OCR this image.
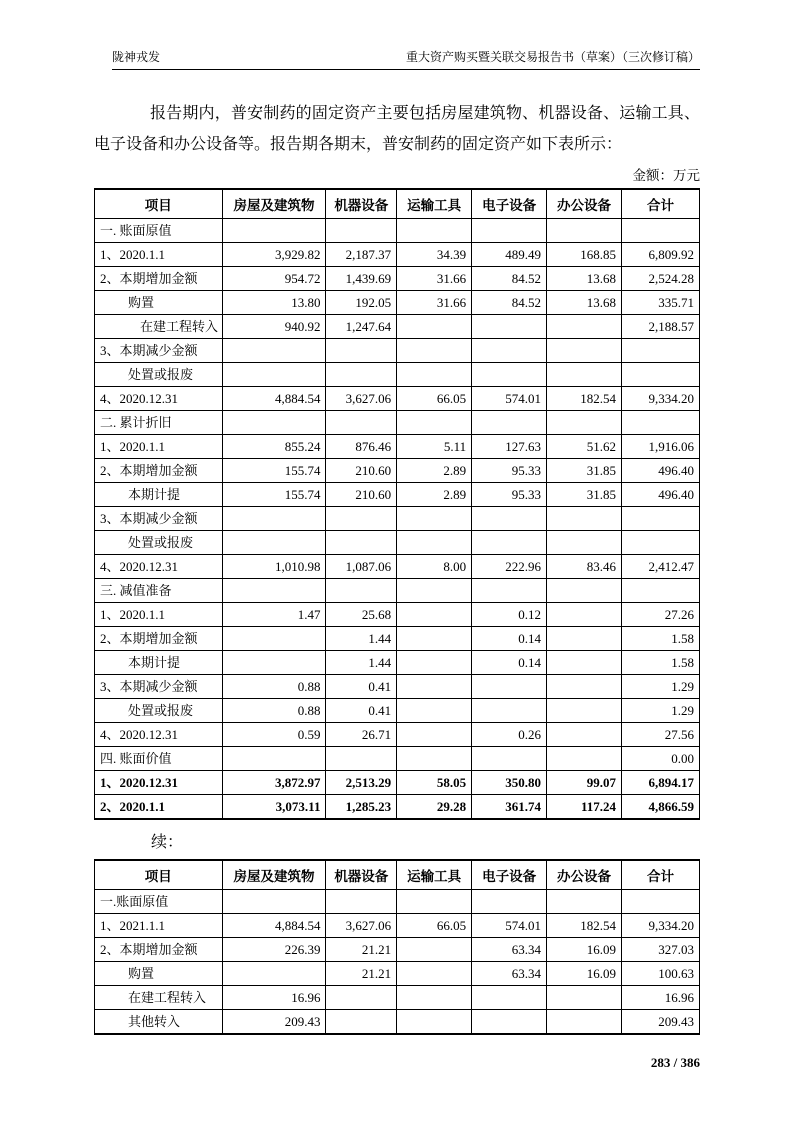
陇神戎发	重大资产购买暨关联交易报告书（草案）（三次修订稿）

报告期内，普安制药的固定资产主要包括房屋建筑物、机器设备、运输工具、电子设备和办公设备等。报告期各期末，普安制药的固定资产如下表所示：

金额：万元
项目	房屋及建筑物	机器设备	运输工具	电子设备	办公设备	合计
一. 账面原值						
1、2020.1.1	3,929.82	2,187.37	34.39	489.49	168.85	6,809.92
2、本期增加金额	954.72	1,439.69	31.66	84.52	13.68	2,524.28
购置	13.80	192.05	31.66	84.52	13.68	335.71
在建工程转入	940.92	1,247.64				2,188.57
3、本期减少金额						
处置或报废						
4、2020.12.31	4,884.54	3,627.06	66.05	574.01	182.54	9,334.20
二. 累计折旧						
1、2020.1.1	855.24	876.46	5.11	127.63	51.62	1,916.06
2、本期增加金额	155.74	210.60	2.89	95.33	31.85	496.40
本期计提	155.74	210.60	2.89	95.33	31.85	496.40
3、本期减少金额						
处置或报废						
4、2020.12.31	1,010.98	1,087.06	8.00	222.96	83.46	2,412.47
三. 减值准备						
1、2020.1.1	1.47	25.68		0.12		27.26
2、本期增加金额		1.44		0.14		1.58
本期计提		1.44		0.14		1.58
3、本期减少金额	0.88	0.41				1.29
处置或报废	0.88	0.41				1.29
4、2020.12.31	0.59	26.71		0.26		27.56
四. 账面价值						0.00
1、2020.12.31	3,872.97	2,513.29	58.05	350.80	99.07	6,894.17
2、2020.1.1	3,073.11	1,285.23	29.28	361.74	117.24	4,866.59
续：
项目	房屋及建筑物	机器设备	运输工具	电子设备	办公设备	合计
一.账面原值						
1、2021.1.1	4,884.54	3,627.06	66.05	574.01	182.54	9,334.20
2、本期增加金额	226.39	21.21		63.34	16.09	327.03
购置		21.21		63.34	16.09	100.63
在建工程转入	16.96					16.96
其他转入	209.43					209.43
283 / 386
